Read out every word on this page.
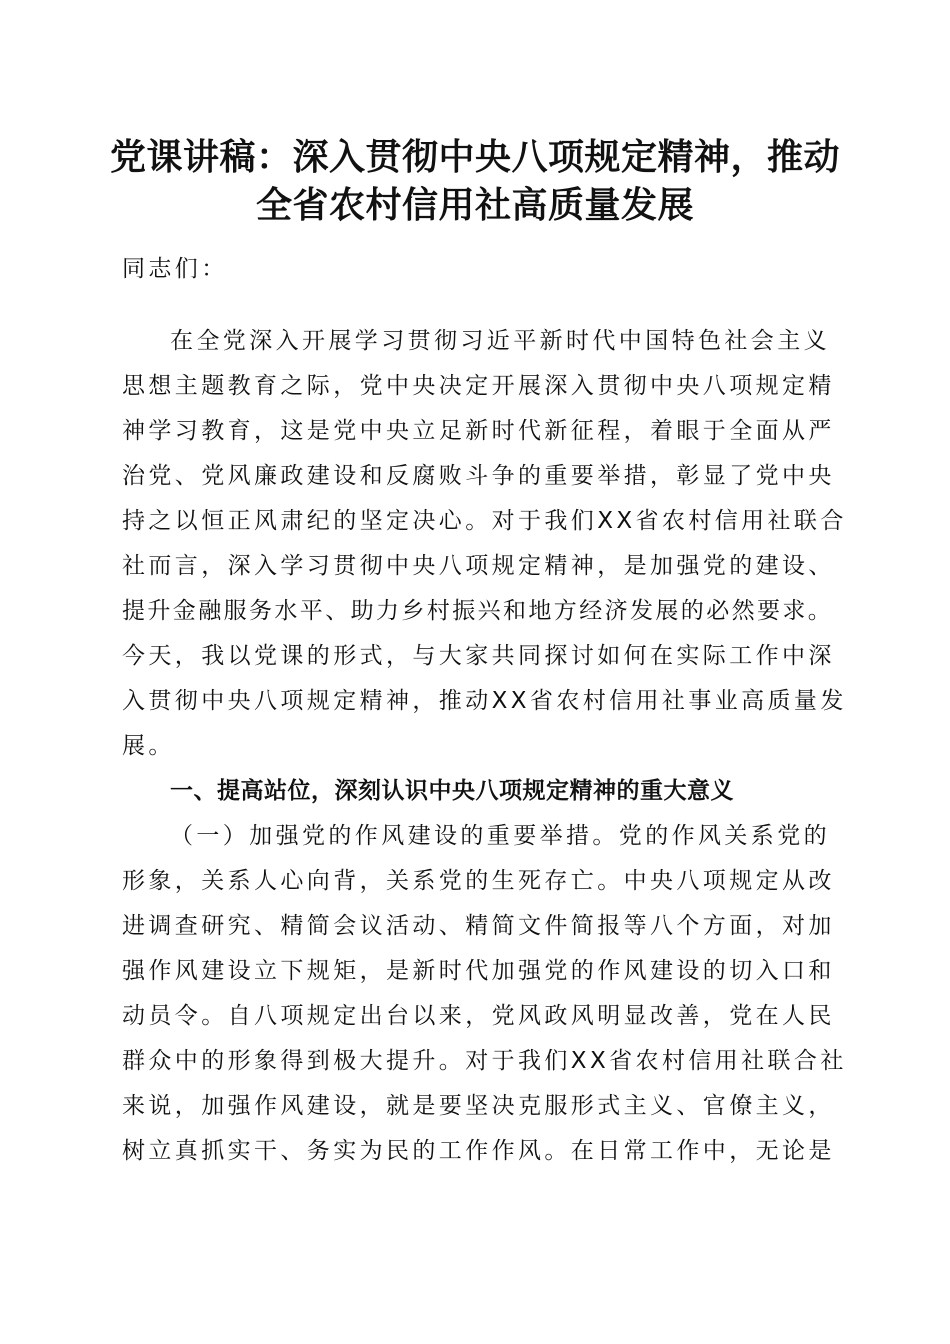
党课讲稿：深入贯彻中央八项规定精神，推动
全省农村信用社高质量发展

同志们：

在全党深入开展学习贯彻习近平新时代中国特色社会主义

思想主题教育之际，党中央决定开展深入贯彻中央八项规定精

神学习教育，这是党中央立足新时代新征程，着眼于全面从严

治党、党风廉政建设和反腐败斗争的重要举措，彰显了党中央

持之以恒正风肃纪的坚定决心。对于我们XX省农村信用社联合

社而言，深入学习贯彻中央八项规定精神，是加强党的建设、

提升金融服务水平、助力乡村振兴和地方经济发展的必然要求。

今天，我以党课的形式，与大家共同探讨如何在实际工作中深

入贯彻中央八项规定精神，推动XX省农村信用社事业高质量发

展。

一、提高站位，深刻认识中央八项规定精神的重大意义

（一）加强党的作风建设的重要举措。党的作风关系党的

形象，关系人心向背，关系党的生死存亡。中央八项规定从改

进调查研究、精简会议活动、精简文件简报等八个方面，对加

强作风建设立下规矩，是新时代加强党的作风建设的切入口和

动员令。自八项规定出台以来，党风政风明显改善，党在人民

群众中的形象得到极大提升。对于我们XX省农村信用社联合社

来说，加强作风建设，就是要坚决克服形式主义、官僚主义，

树立真抓实干、务实为民的工作作风。在日常工作中，无论是
